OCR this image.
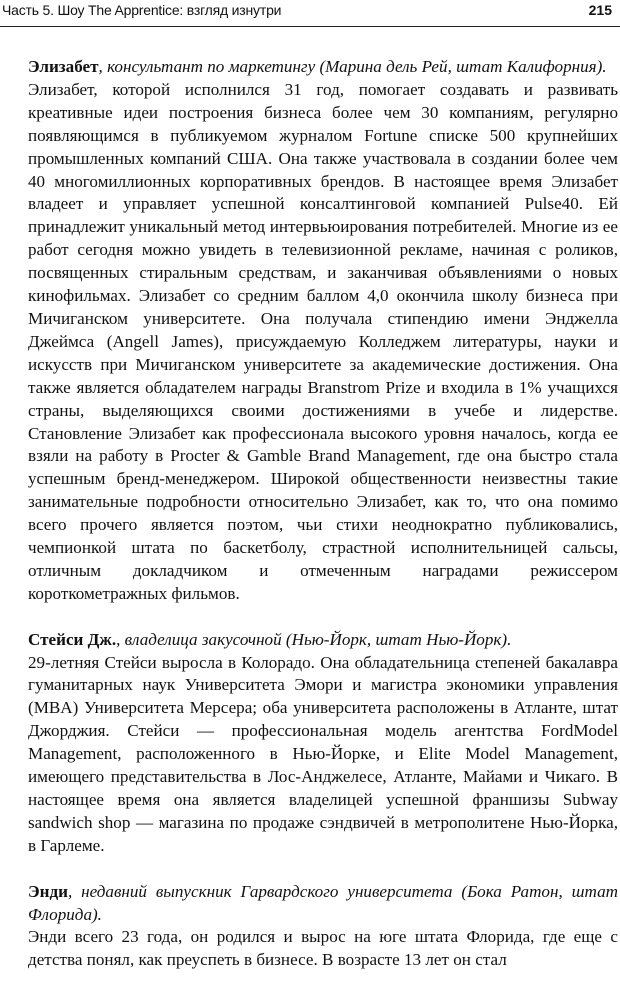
Часть 5. Шоу The Apprentice: взгляд изнутри	215

Элизабет, консультант по маркетингу (Марина дель Рей, штат Калифорния).

Элизабет, которой исполнился 31 год, помогает создавать и развивать креативные идеи построения бизнеса более чем 30 компаниям, регулярно появляющимся в публикуемом журналом Fortune списке 500 крупнейших промышленных компаний США. Она также участвовала в создании более чем 40 многомиллионных корпоративных брендов. В настоящее время Элизабет владеет и управляет успешной консалтинговой компанией Pulse40. Ей принадлежит уникальный метод интервьюирования потребителей. Многие из ее работ сегодня можно увидеть в телевизионной рекламе, начиная с роликов, посвященных стиральным средствам, и заканчивая объявлениями о новых кинофильмах. Элизабет со средним баллом 4,0 окончила школу бизнеса при Мичиганском университете. Она получала стипендию имени Энджелла Джеймса (Angell James), присуждаемую Колледжем литературы, науки и искусств при Мичиганском университете за академические достижения. Она также является обладателем награды Branstrom Prize и входила в 1% учащихся страны, выделяющихся своими достижениями в учебе и лидерстве. Становление Элизабет как профессионала высокого уровня началось, когда ее взяли на работу в Procter & Gamble Brand Management, где она быстро стала успешным бренд-менеджером. Широкой общественности неизвестны такие занимательные подробности относительно Элизабет, как то, что она помимо всего прочего является поэтом, чьи стихи неоднократно публиковались, чемпионкой штата по баскетболу, страстной исполнительницей сальсы, отличным докладчиком и отмеченным наградами режиссером короткометражных фильмов.

Стейси Дж., владелица закусочной (Нью-Йорк, штат Нью-Йорк).

29-летняя Стейси выросла в Колорадо. Она обладательница степеней бакалавра гуманитарных наук Университета Эмори и магистра экономики управления (MBA) Университета Мерсера; оба университета расположены в Атланте, штат Джорджия. Стейси — профессиональная модель агентства FordModel Management, расположенного в Нью-Йорке, и Elite Model Management, имеющего представительства в Лос-Анджелесе, Атланте, Майами и Чикаго. В настоящее время она является владелицей успешной франшизы Subway sandwich shop — магазина по продаже сэндвичей в метрополитене Нью-Йорка, в Гарлеме.

Энди, недавний выпускник Гарвардского университета (Бока Ратон, штат Флорида).

Энди всего 23 года, он родился и вырос на юге штата Флорида, где еще с детства понял, как преуспеть в бизнесе. В возрасте 13 лет он стал
